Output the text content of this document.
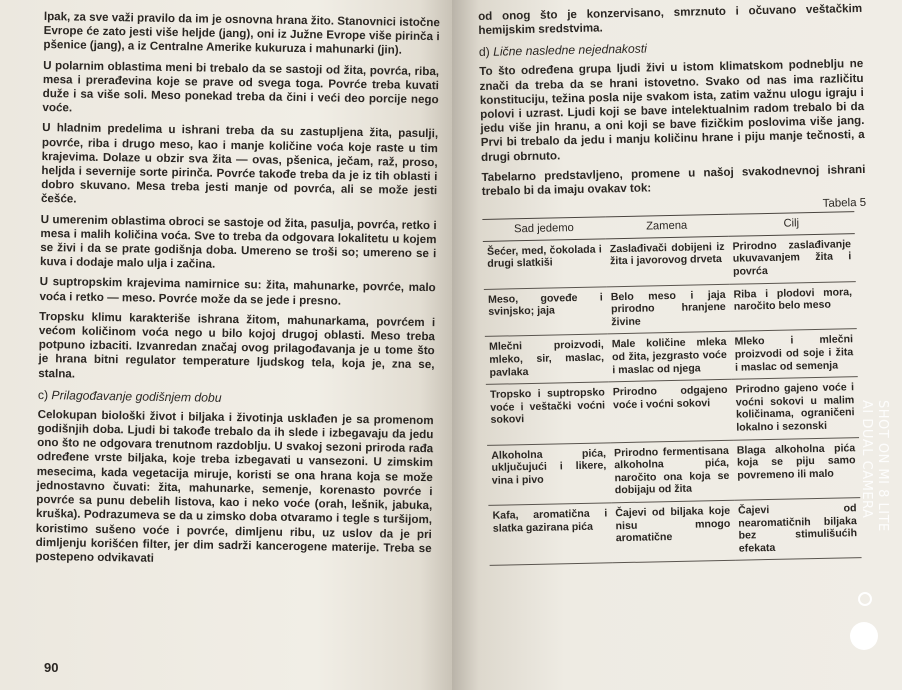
lpak, za sve važi pravilo da im je osnovna hrana žito. Stanovnici istočne Evrope će zato jesti više heljde (jang), oni iz Južne Evrope više pirinča i pšenice (jang), a iz Centralne Amerike kukuruza i mahunarki (jin).

U polarnim oblastima meni bi trebalo da se sastoji od žita, povrća, riba, mesa i prerađevina koje se prave od svega toga. Povrće treba kuvati duže i sa više soli. Meso ponekad treba da čini i veći deo porcije nego voće.

U hladnim predelima u ishrani treba da su zastupljena žita, pasulji, povrće, riba i drugo meso, kao i manje količine voća koje raste u tim krajevima. Dolaze u obzir sva žita — ovas, pšenica, ječam, raž, proso, heljda i severnije sorte pirinča. Povrće takođe treba da je iz tih oblasti i dobro skuvano. Mesa treba jesti manje od povrća, ali se može jesti češće.

U umerenim oblastima obroci se sastoje od žita, pasulja, povrća, retko i mesa i malih količina voća. Sve to treba da odgovara lokalitetu u kojem se živi i da se prate godišnja doba. Umereno se troši so; umereno se i kuva i dodaje malo ulja i začina.

U suptropskim krajevima namirnice su: žita, mahunarke, povrće, malo voća i retko — meso. Povrće može da se jede i presno.

Tropsku klimu karakteriše ishrana žitom, mahunarkama, povrćem i većom količinom voća nego u bilo kojoj drugoj oblasti. Meso treba potpuno izbaciti. Izvanredan značaj ovog prilagođavanja je u tome što je hrana bitni regulator temperature ljudskog tela, koja je, zna se, stalna.

c) Prilagođavanje godišnjem dobu

Celokupan biološki život i biljaka i životinja usklađen je sa promenom godišnjih doba. Ljudi bi takođe trebalo da ih slede i izbegavaju da jedu ono što ne odgovara trenutnom razdoblju. U svakoj sezoni priroda rađa određene vrste biljaka, koje treba izbegavati u vansezoni. U zimskim mesecima, kada vegetacija miruje, koristi se ona hrana koja se može jednostavno čuvati: žita, mahunarke, semenje, korenasto povrće i povrće sa punu debelih listova, kao i neko voće (orah, lešnik, jabuka, kruška). Podrazumeva se da u zimsko doba otvaramo i tegle s turšijom, koristimo sušeno voće i povrće, dimljenu ribu, uz uslov da je pri dimljenju korišćen filter, jer dim sadrži kancerogene materije. Treba se postepeno odvikavati

90

od onog što je konzervisano, smrznuto i očuvano veštačkim hemijskim sredstvima.

d) Lične nasledne nejednakosti

To što određena grupa ljudi živi u istom klimatskom podneblju ne znači da treba da se hrani istovetno. Svako od nas ima različitu konstituciju, težina posla nije svakom ista, zatim važnu ulogu igraju i polovi i uzrast. Ljudi koji se bave intelektualnim radom trebalo bi da jedu više jin hranu, a oni koji se bave fizičkim poslovima više jang. Prvi bi trebalo da jedu i manju količinu hrane i piju manje tečnosti, a drugi obrnuto.

Tabelarno predstavljeno, promene u našoj svakodnevnoj ishrani trebalo bi da imaju ovakav tok:

Tabela 5
Sad jedemo	Zamena	Cilj
Šećer, med, čokolada i drugi slatkiši	Zaslađivači dobijeni iz žita i javorovog drveta	Prirodno zaslađivanje ukuvavanjem žita i povrća
Meso, goveđe i svinjsko; jaja	Belo meso i jaja prirodno hranjene živine	Riba i plodovi mora, naročito belo meso
Mlečni proizvodi, mleko, sir, maslac, pavlaka	Male količine mleka od žita, jezgrasto voće i maslac od njega	Mleko i mlečni proizvodi od soje i žita i maslac od semenja
Tropsko i suptropsko voće i veštački voćni sokovi	Prirodno odgajeno voće i voćni sokovi	Prirodno gajeno voće i voćni sokovi u malim količinama, ograničeni lokalno i sezonski
Alkoholna pića, uključujući i likere, vina i pivo	Prirodno fermentisana alkoholna pića, naročito ona koja se dobijaju od žita	Blaga alkoholna pića koja se piju samo povremeno ili malo
Kafa, aromatična i slatka gazirana pića	Čajevi od biljaka koje nisu mnogo aromatične	Čajevi od nearomatičnih biljaka bez stimulišućih efekata
SHOT ON MI 8 LITE
AI DUAL CAMERA
